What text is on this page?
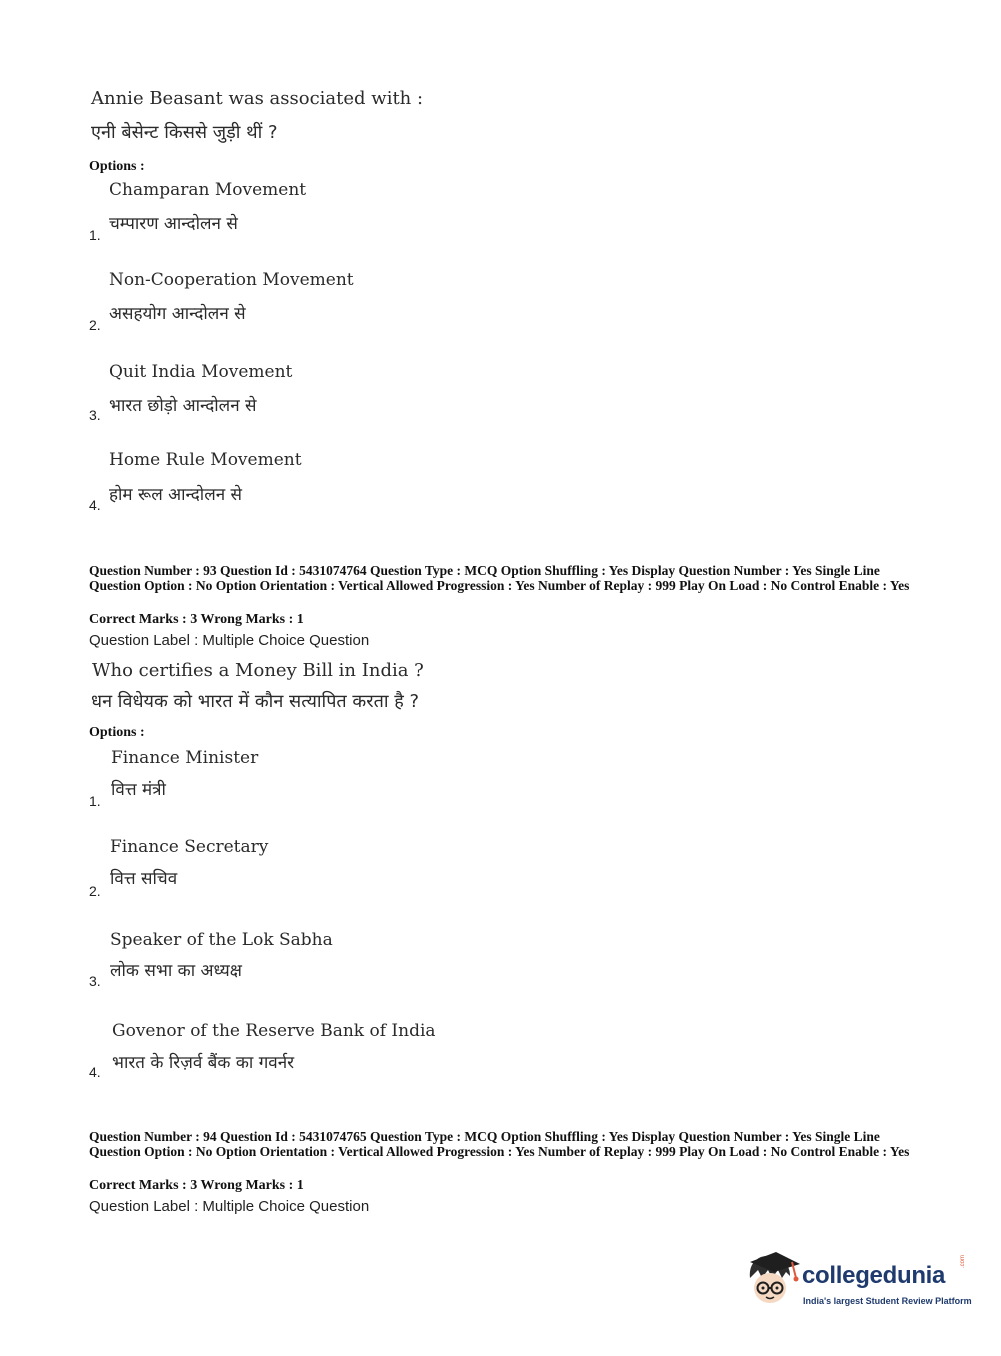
Annie Beasant was associated with :
एनी बेसेन्ट किससे जुड़ी थीं ?
Options :
Champaran Movement
चम्पारण आन्दोलन से
1.
Non-Cooperation Movement
असहयोग आन्दोलन से
2.
Quit India Movement
भारत छोड़ो आन्दोलन से
3.
Home Rule Movement
होम रूल आन्दोलन से
4.
Question Number : 93 Question Id : 5431074764 Question Type : MCQ Option Shuffling : Yes Display Question Number : Yes Single Line Question Option : No Option Orientation : Vertical Allowed Progression : Yes Number of Replay : 999 Play On Load : No Control Enable : Yes
Correct Marks : 3 Wrong Marks : 1
Question Label : Multiple Choice Question
Who certifies a Money Bill in India ?
धन विधेयक को भारत में कौन सत्यापित करता है ?
Options :
Finance Minister
वित्त मंत्री
1.
Finance Secretary
वित्त सचिव
2.
Speaker of the Lok Sabha
लोक सभा का अध्यक्ष
3.
Govenor of the Reserve Bank of India
भारत के रिज़र्व बैंक का गवर्नर
4.
Question Number : 94 Question Id : 5431074765 Question Type : MCQ Option Shuffling : Yes Display Question Number : Yes Single Line Question Option : No Option Orientation : Vertical Allowed Progression : Yes Number of Replay : 999 Play On Load : No Control Enable : Yes
Correct Marks : 3 Wrong Marks : 1
Question Label : Multiple Choice Question
collegedunia
.com
India's largest Student Review Platform
